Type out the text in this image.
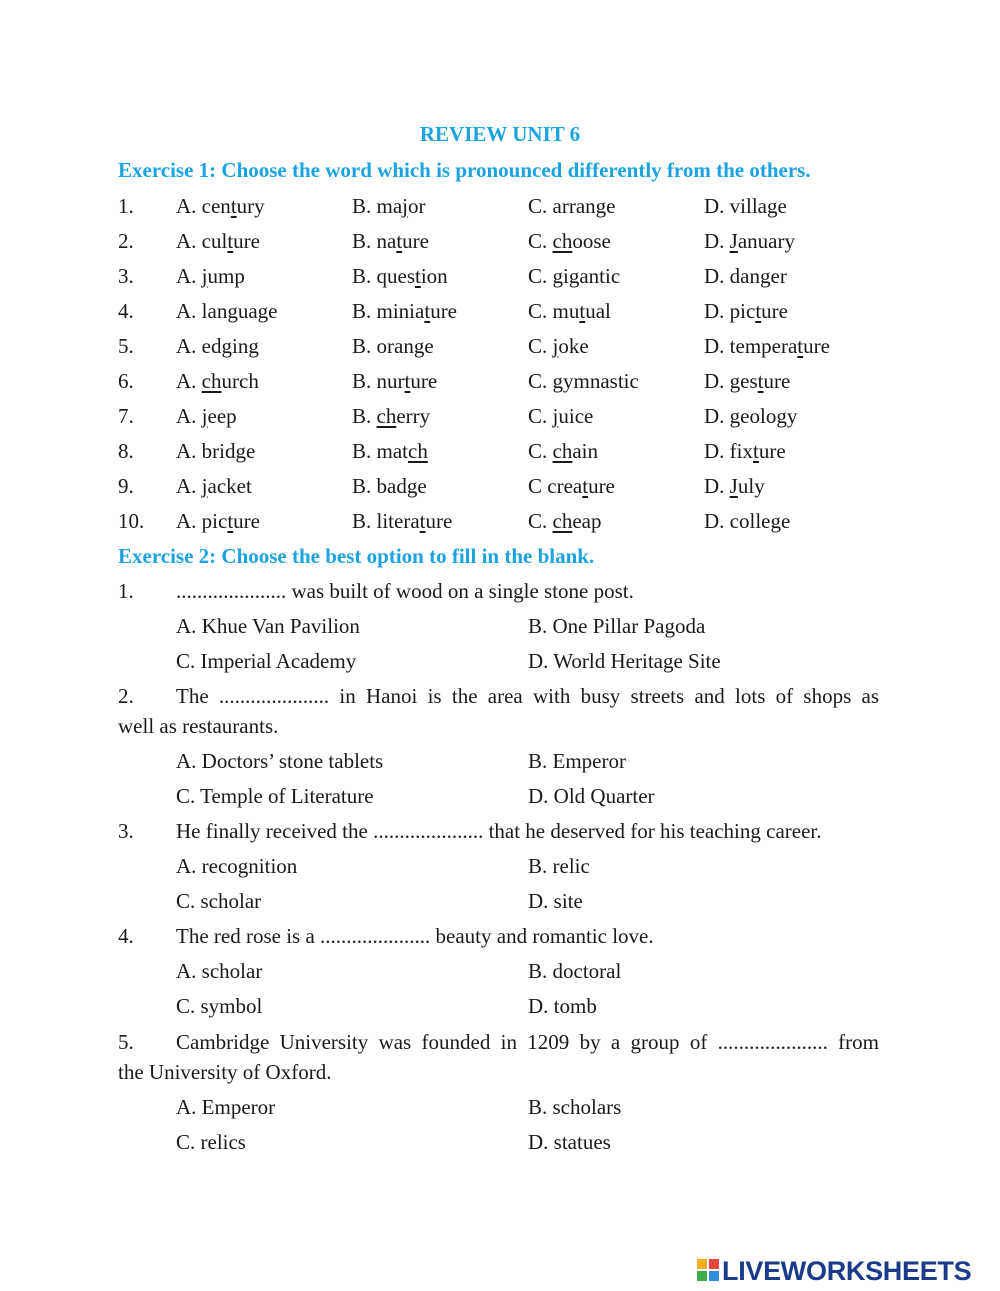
REVIEW UNIT 6
Exercise 1: Choose the word which is pronounced differently from the others.
1. A. century	B. major	C. arrange	D. village
2. A. culture	B. nature	C. choose	D. January
3. A. jump	B. question	C. gigantic	D. danger
4. A. language	B. miniature	C. mutual	D. picture
5. A. edging	B. orange	C. joke	D. temperature
6. A. church	B. nurture	C. gymnastic	D. gesture
7. A. jeep	B. cherry	C. juice	D. geology
8. A. bridge	B. match	C. chain	D. fixture
9. A. jacket	B. badge	C creature	D. July
10. A. picture	B. literature	C. cheap	D. college
Exercise 2: Choose the best option to fill in the blank.
1. ..................... was built of wood on a single stone post.
A. Khue Van Pavilion	B. One Pillar Pagoda
C. Imperial Academy	D. World Heritage Site
2. The ..................... in Hanoi is the area with busy streets and lots of shops as
well as restaurants.
A. Doctors’ stone tablets	B. Emperor
C. Temple of Literature	D. Old Quarter
3. He finally received the ..................... that he deserved for his teaching career.
A. recognition	B. relic
C. scholar	D. site
4. The red rose is a ..................... beauty and romantic love.
A. scholar	B. doctoral
C. symbol	D. tomb
5. Cambridge University was founded in 1209 by a group of ..................... from
the University of Oxford.
A. Emperor	B. scholars
C. relics	D. statues
LIVEWORKSHEETS
